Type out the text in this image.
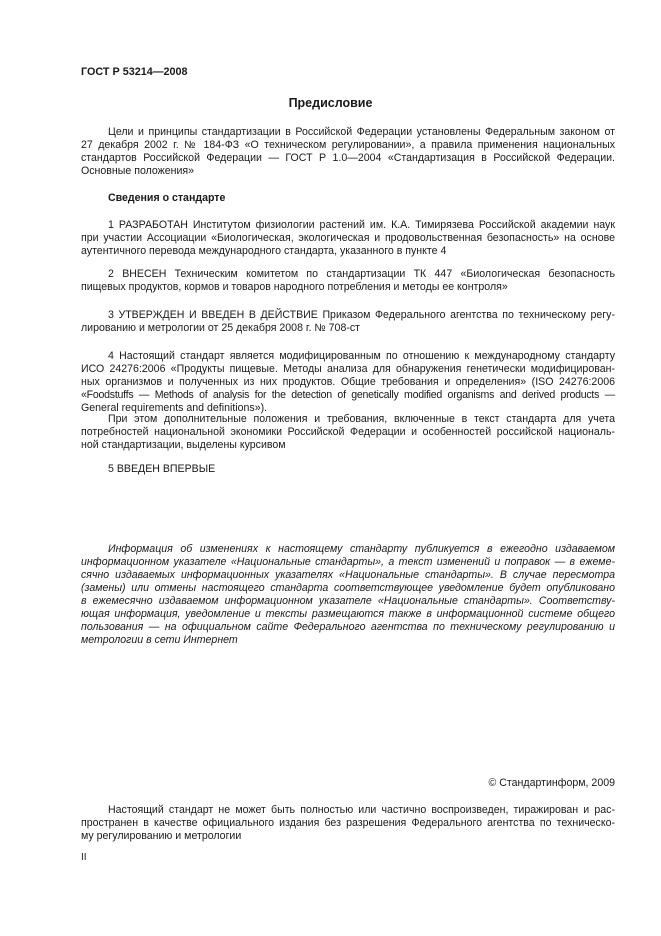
ГОСТ Р 53214—2008
Предисловие
Цели и принципы стандартизации в Российской Федерации установлены Федеральным законом от
27 декабря 2002 г. № 184-ФЗ «О техническом регулировании», а правила применения национальных
стандартов Российской Федерации — ГОСТ Р 1.0—2004 «Стандартизация в Российской Федерации.
Основные положения»
Сведения о стандарте
1 РАЗРАБОТАН Институтом физиологии растений им. К.А. Тимирязева Российской академии наук
при участии Ассоциации «Биологическая, экологическая и продовольственная безопасность» на основе
аутентичного перевода международного стандарта, указанного в пункте 4
2 ВНЕСЕН Техническим комитетом по стандартизации ТК 447 «Биологическая безопасность
пищевых продуктов, кормов и товаров народного потребления и методы ее контроля»
3 УТВЕРЖДЕН И ВВЕДЕН В ДЕЙСТВИЕ Приказом Федерального агентства по техническому регу-
лированию и метрологии от 25 декабря 2008 г. № 708-ст
4 Настоящий стандарт является модифицированным по отношению к международному стандарту
ИСО 24276:2006 «Продукты пищевые. Методы анализа для обнаружения генетически модифицирован-
ных организмов и полученных из них продуктов. Общие требования и определения» (ISO 24276:2006
«Foodstuffs — Methods of analysis for the detection of genetically modified organisms and derived products —
General requirements and definitions»).
При этом дополнительные положения и требования, включенные в текст стандарта для учета
потребностей национальной экономики Российской Федерации и особенностей российской националь-
ной стандартизации, выделены курсивом
5 ВВЕДЕН ВПЕРВЫЕ
Информация об изменениях к настоящему стандарту публикуется в ежегодно издаваемом
информационном указателе «Национальные стандарты», а текст изменений и поправок — в ежеме-
сячно издаваемых информационных указателях «Национальные стандарты». В случае пересмотра
(замены) или отмены настоящего стандарта соответствующее уведомление будет опубликовано
в ежемесячно издаваемом информационном указателе «Национальные стандарты». Соответству-
ющая информация, уведомление и тексты размещаются также в информационной системе общего
пользования — на официальном сайте Федерального агентства по техническому регулированию и
метрологии в сети Интернет
© Стандартинформ, 2009
Настоящий стандарт не может быть полностью или частично воспроизведен, тиражирован и рас-
пространен в качестве официального издания без разрешения Федерального агентства по техническо-
му регулированию и метрологии
II
